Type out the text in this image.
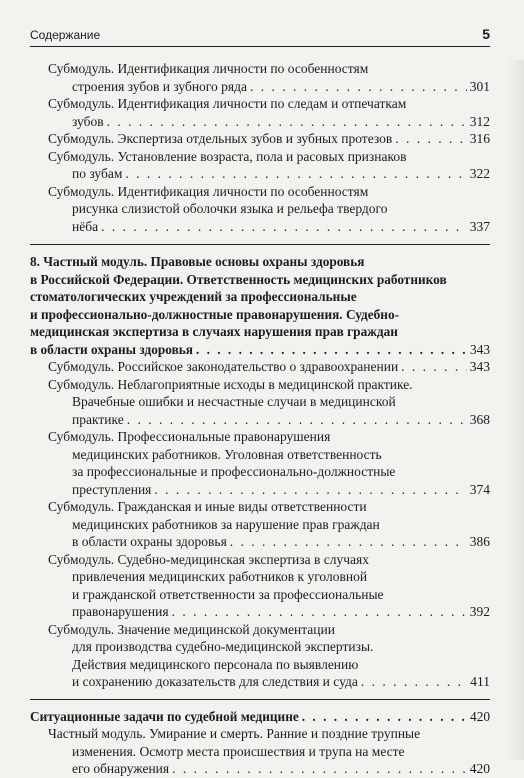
Содержание	5
Субмодуль. Идентификация личности по особенностям
строения зубов и зубного ряда . . .	301
Субмодуль. Идентификация личности по следам и отпечаткам
зубов . . .	312
Субмодуль. Экспертиза отдельных зубов и зубных протезов . . .	316
Субмодуль. Установление возраста, пола и расовых признаков
по зубам . . .	322
Субмодуль. Идентификация личности по особенностям
рисунка слизистой оболочки языка и рельефа твердого
нёба . . .	337
8. Частный модуль. Правовые основы охраны здоровья
в Российской Федерации. Ответственность медицинских работников
стоматологических учреждений за профессиональные
и профессионально-должностные правонарушения. Судебно-
медицинская экспертиза в случаях нарушения прав граждан
в области охраны здоровья . . .	343
Субмодуль. Российское законодательство о здравоохранении . . .	343
Субмодуль. Неблагоприятные исходы в медицинской практике.
Врачебные ошибки и несчастные случаи в медицинской
практике . . .	368
Субмодуль. Профессиональные правонарушения
медицинских работников. Уголовная ответственность
за профессиональные и профессионально-должностные
преступления . . .	374
Субмодуль. Гражданская и иные виды ответственности
медицинских работников за нарушение прав граждан
в области охраны здоровья . . .	386
Субмодуль. Судебно-медицинская экспертиза в случаях
привлечения медицинских работников к уголовной
и гражданской ответственности за профессиональные
правонарушения . . .	392
Субмодуль. Значение медицинской документации
для производства судебно-медицинской экспертизы.
Действия медицинского персонала по выявлению
и сохранению доказательств для следствия и суда . . .	411
Ситуационные задачи по судебной медицине . . .	420
Частный модуль. Умирание и смерть. Ранние и поздние трупные
изменения. Осмотр места происшествия и трупа на месте
его обнаружения . . .	420
